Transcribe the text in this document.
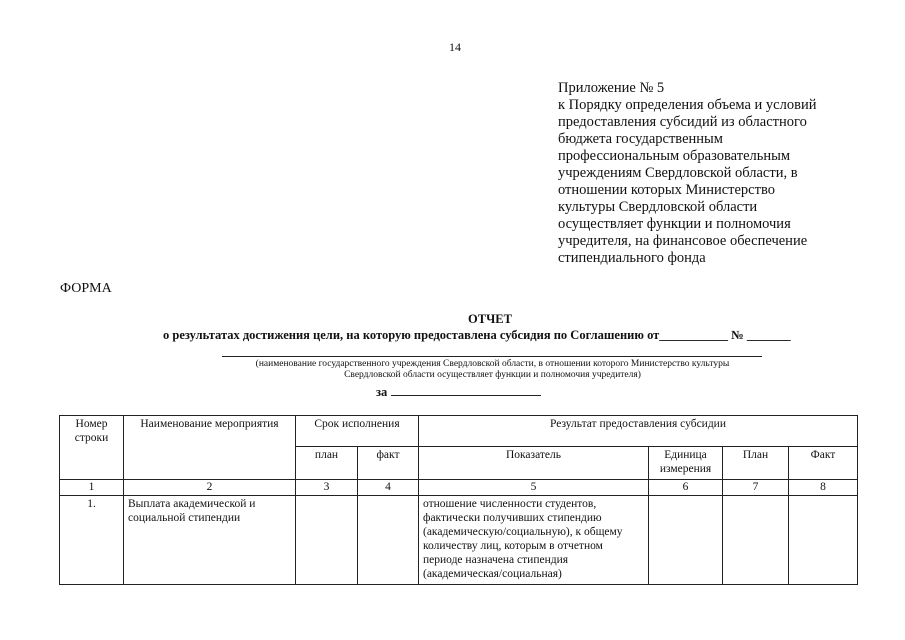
14
Приложение № 5
к Порядку определения объема и условий
предоставления субсидий из областного
бюджета государственным
профессиональным образовательным
учреждениям Свердловской области, в
отношении которых Министерство
культуры Свердловской области
осуществляет функции и полномочия
учредителя, на финансовое обеспечение
стипендиального фонда
ФОРМА
ОТЧЕТ
о результатах достижения цели, на которую предоставлена субсидия по Соглашению от___________ № _______
(наименование государственного учреждения Свердловской области, в отношении которого Министерство культуры
Свердловской области осуществляет функции и полномочия учредителя)
за
Номер строки	Наименование мероприятия	Срок исполнения		Результат предоставления субсидии			
		план	факт	Показатель	Единица измерения	План	Факт
1	2	3	4	5	6	7	8
1.	Выплата академической и социальной стипендии			отношение численности студентов, фактически получивших стипендию (академическую/социальную), к общему количеству лиц, которым в отчетном периоде назначена стипендия (академическая/социальная)			
